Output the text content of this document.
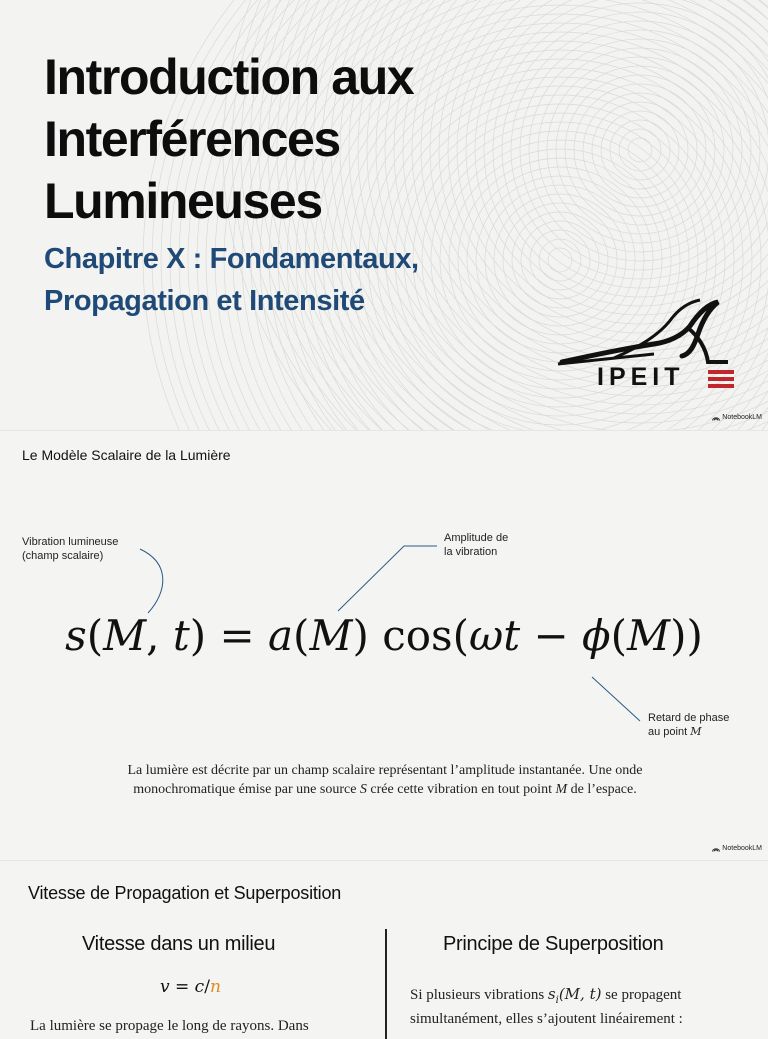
Introduction aux
Interférences
Lumineuses
Chapitre X : Fondamentaux,
Propagation et Intensité
IPEIT
NotebookLM
Le Modèle Scalaire de la Lumière
Vibration lumineuse
(champ scalaire)
Amplitude de
la vibration
Retard de phase
au point M
s(M, t) = a(M) cos(ωt − ϕ(M))

La lumière est décrite par un champ scalaire représentant l’amplitude instantanée. Une onde monochromatique émise par une source S crée cette vibration en tout point M de l’espace.

NotebookLM
Vitesse de Propagation et Superposition
Vitesse dans un milieu	Principe de Superposition
v = c/n
La lumière se propage le long de rayons. Dans
Si plusieurs vibrations $s_i(M$, t) se propagent
simultanément, elles s’ajoutent linéairement :
